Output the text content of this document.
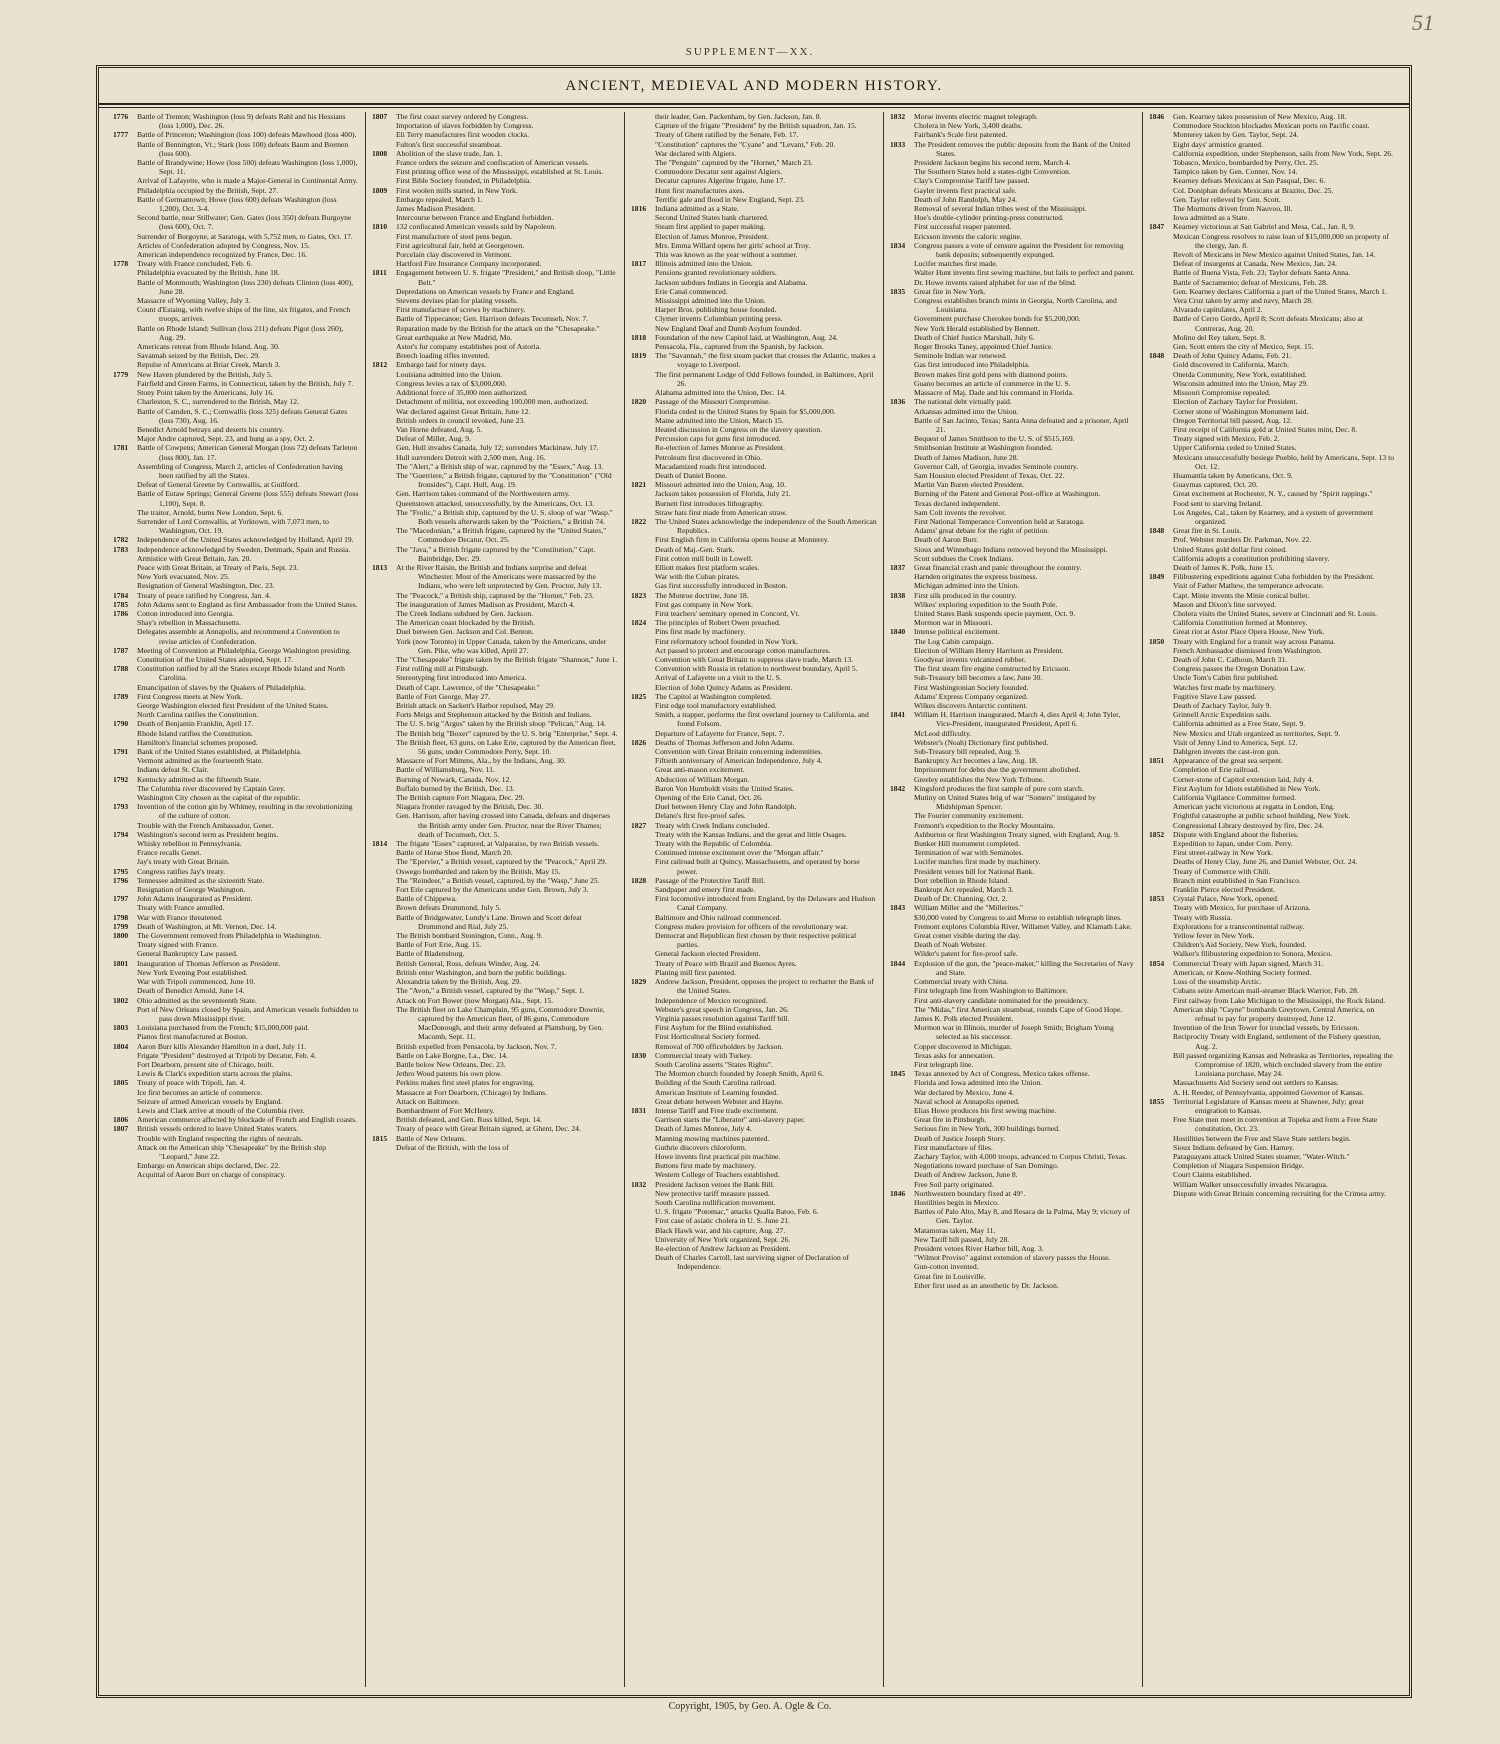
51
SUPPLEMENT—XX.
ANCIENT, MEDIEVAL AND MODERN HISTORY.
1776	Battle of Trenton; Washington (loss 9) defeats Rahl and his Hessians (loss 1,000), Dec. 26.
1777	Battle of Princeton; Washington (loss 100) defeats Mawhood (loss 400).
Battle of Bennington, Vt.; Stark (loss 100) defeats Baum and Bremen (loss 600).
Battle of Brandywine; Howe (loss 500) defeats Washington (loss 1,000), Sept. 11.
Arrival of Lafayette, who is made a Major-General in Continental Army.
Philadelphia occupied by the British, Sept. 27.
Battle of Germantown; Howe (loss 600) defeats Washington (loss 1,200), Oct. 3-4.
Second battle, near Stillwater; Gen. Gates (loss 350) defeats Burgoyne (loss 600), Oct. 7.
Surrender of Burgoyne, at Saratoga, with 5,752 men, to Gates, Oct. 17.
Articles of Confederation adopted by Congress, Nov. 15.
American independence recognized by France, Dec. 16.
1778	Treaty with France concluded, Feb. 6.
Philadelphia evacuated by the British, June 18.
Battle of Monmouth; Washington (loss 230) defeats Clinton (loss 400), June 28.
Massacre of Wyoming Valley, July 3.
Count d'Estaing, with twelve ships of the line, six frigates, and French troops, arrives.
Battle on Rhode Island; Sullivan (loss 211) defeats Pigot (loss 260), Aug. 29.
Americans retreat from Rhode Island, Aug. 30.
Savannah seized by the British, Dec. 29.
Repulse of Americans at Briar Creek, March 3.
1779	New Haven plundered by the British, July 5.
Fairfield and Green Farms, in Connecticut, taken by the British, July 7.
Stony Point taken by the Americans, July 16.
Charleston, S. C., surrendered to the British, May 12.
Battle of Camden, S. C.; Cornwallis (loss 325) defeats General Gates (loss 730), Aug. 16.
Benedict Arnold betrays and deserts his country.
Major Andre captured, Sept. 23, and hung as a spy, Oct. 2.
1781	Battle of Cowpens; American General Morgan (loss 72) defeats Tarleton (loss 800), Jan. 17.
Assembling of Congress, March 2, articles of Confederation having been ratified by all the States.
Defeat of General Greene by Cornwallis, at Guilford.
Battle of Eutaw Springs; General Greene (loss 555) defeats Stewart (loss 1,100), Sept. 8.
The traitor, Arnold, burns New London, Sept. 6.
Surrender of Lord Cornwallis, at Yorktown, with 7,073 men, to Washington, Oct. 19.
1782	Independence of the United States acknowledged by Holland, April 19.
1783	Independence acknowledged by Sweden, Denmark, Spain and Russia.
Armistice with Great Britain, Jan. 20.
Peace with Great Britain, at Treaty of Paris, Sept. 23.
New York evacuated, Nov. 25.
Resignation of General Washington, Dec. 23.
1784	Treaty of peace ratified by Congress, Jan. 4.
1785	John Adams sent to England as first Ambassador from the United States.
1786	Cotton introduced into Georgia.
Shay's rebellion in Massachusetts.
Delegates assemble at Annapolis, and recommend a Convention to revise articles of Confederation.
1787	Meeting of Convention at Philadelphia, George Washington presiding.
Constitution of the United States adopted, Sept. 17.
1788	Constitution ratified by all the States except Rhode Island and North Carolina.
Emancipation of slaves by the Quakers of Philadelphia.
1789	First Congress meets at New York.
George Washington elected first President of the United States.
North Carolina ratifies the Constitution.
1790	Death of Benjamin Franklin, April 17.
Rhode Island ratifies the Constitution.
Hamilton's financial schemes proposed.
1791	Bank of the United States established, at Philadelphia.
Vermont admitted as the fourteenth State.
Indians defeat St. Clair.
1792	Kentucky admitted as the fifteenth State.
The Columbia river discovered by Captain Grey.
Washington City chosen as the capital of the republic.
1793	Invention of the cotton gin by Whitney, resulting in the revolutionizing of the culture of cotton.
Trouble with the French Ambassador, Genet.
1794	Washington's second term as President begins.
Whisky rebellion in Pennsylvania.
France recalls Genet.
Jay's treaty with Great Britain.
1795	Congress ratifies Jay's treaty.
1796	Tennessee admitted as the sixteenth State.
Resignation of George Washington.
1797	John Adams inaugurated as President.
Treaty with France annulled.
1798	War with France threatened.
1799	Death of Washington, at Mt. Vernon, Dec. 14.
1800	The Government removed from Philadelphia to Washington.
Treaty signed with France.
General Bankruptcy Law passed.
1801	Inauguration of Thomas Jefferson as President.
New York Evening Post established.
War with Tripoli commenced, June 10.
Death of Benedict Arnold, June 14.
1802	Ohio admitted as the seventeenth State.
Port of New Orleans closed by Spain, and American vessels forbidden to pass down Mississippi river.
1803	Louisiana purchased from the French; $15,000,000 paid.
Pianos first manufactured at Boston.
1804	Aaron Burr kills Alexander Hamilton in a duel, July 11.
Frigate "President" destroyed at Tripoli by Decatur, Feb. 4.
Fort Dearborn, present site of Chicago, built.
Lewis & Clark's expedition starts across the plains.
1805	Treaty of peace with Tripoli, Jan. 4.
Ice first becomes an article of commerce.
Seizure of armed American vessels by England.
Lewis and Clark arrive at mouth of the Columbia river.
1806	American commerce affected by blockade of French and English coasts.
1807	British vessels ordered to leave United States waters.
Trouble with England respecting the rights of neutrals.
Attack on the American ship "Chesapeake" by the British ship "Leopard," June 22.
Embargo on American ships declared, Dec. 22.
Acquittal of Aaron Burr on charge of conspiracy.
1807	The first coast survey ordered by Congress.
Importation of slaves forbidden by Congress.
Eli Terry manufactures first wooden clocks.
Fulton's first successful steamboat.
1808	Abolition of the slave trade, Jan. 1.
France orders the seizure and confiscation of American vessels.
First printing office west of the Mississippi, established at St. Louis.
First Bible Society founded, in Philadelphia.
1809	First woolen mills started, in New York.
Embargo repealed, March 1.
James Madison President.
Intercourse between France and England forbidden.
1810	132 confiscated American vessels sold by Napoleon.
First manufacture of steel pens begun.
First agricultural fair, held at Georgetown.
Porcelain clay discovered in Vermont.
Hartford Fire Insurance Company incorporated.
1811	Engagement between U. S. frigate "President," and British sloop, "Little Belt."
Depredations on American vessels by France and England.
Stevens devises plan for plating vessels.
First manufacture of screws by machinery.
Battle of Tippecanoe; Gen. Harrison defeats Tecumseh, Nov. 7.
Reparation made by the British for the attack on the "Chesapeake."
Great earthquake at New Madrid, Mo.
Astor's fur company establishes post of Astoria.
Breech loading rifles invented.
1812	Embargo laid for ninety days.
Louisiana admitted into the Union.
Congress levies a tax of $3,000,000.
Additional force of 35,000 men authorized.
Detachment of militia, not exceeding 100,000 men, authorized.
War declared against Great Britain, June 12.
British orders in council revoked, June 23.
Van Horne defeated, Aug. 5.
Defeat of Miller, Aug. 9.
Gen. Hull invades Canada, July 12; surrenders Mackinaw, July 17.
Hull surrenders Detroit with 2,500 men, Aug. 16.
The "Alert," a British ship of war, captured by the "Essex," Aug. 13.
The "Guerriere," a British frigate, captured by the "Constitution" ("Old Ironsides"), Capt. Hull, Aug. 19.
Gen. Harrison takes command of the Northwestern army.
Queenstown attacked, unsuccessfully, by the Americans, Oct. 13.
The "Frolic," a British ship, captured by the U. S. sloop of war "Wasp." Both vessels afterwards taken by the "Poictiers," a British 74.
The "Macedonian," a British frigate, captured by the "United States," Commodore Decatur, Oct. 25.
The "Java," a British frigate captured by the "Constitution," Capt. Bainbridge, Dec. 29.
1813	At the River Raisin, the British and Indians surprise and defeat Winchester. Most of the Americans were massacred by the Indians, who were left unprotected by Gen. Proctor, July 13.
The "Peacock," a British ship, captured by the "Hornet," Feb. 23.
The inauguration of James Madison as President, March 4.
The Creek Indians subdued by Gen. Jackson.
The American coast blockaded by the British.
Duel between Gen. Jackson and Col. Benton.
York (now Toronto) in Upper Canada, taken by the Americans, under Gen. Pike, who was killed, April 27.
The "Chesapeake" frigate taken by the British frigate "Shannon," June 1.
First rolling mill at Pittsburgh.
Stereotyping first introduced into America.
Death of Capt. Lawrence, of the "Chesapeake."
Battle of Fort George, May 27.
British attack on Sackett's Harbor repulsed, May 29.
Forts Meigs and Stephenson attacked by the British and Indians.
The U. S. brig "Argus" taken by the British sloop "Pelican," Aug. 14.
The British brig "Boxer" captured by the U. S. brig "Enterprise," Sept. 4.
The British fleet, 63 guns, on Lake Erie, captured by the American fleet, 56 guns, under Commodore Perry, Sept. 10.
Massacre of Fort Mimms, Ala., by the Indians, Aug. 30.
Battle of Williamsburg, Nov. 11.
Burning of Newark, Canada, Nov. 12.
Buffalo burned by the British, Dec. 13.
The British capture Fort Niagara, Dec. 29.
Niagara frontier ravaged by the British, Dec. 30.
Gen. Harrison, after having crossed into Canada, defeats and disperses the British army under Gen. Proctor, near the River Thames; death of Tecumseh, Oct. 5.
1814	The frigate "Essex" captured, at Valparaiso, by two British vessels.
Battle of Horse Shoe Bend, March 20.
The "Epervier," a British vessel, captured by the "Peacock," April 29.
Oswego bombarded and taken by the British, May 15.
The "Reindeer," a British vessel, captured, by the "Wasp," June 25.
Fort Erie captured by the Americans under Gen. Brown, July 3.
Battle of Chippewa.
Brown defeats Drummond, July 5.
Battle of Bridgewater, Lundy's Lane. Brown and Scott defeat Drummond and Rial, July 25.
The British bombard Stonington, Conn., Aug. 9.
Battle of Fort Erie, Aug. 15.
Battle of Bladensburg.
British General, Ross, defeats Winder, Aug. 24.
British enter Washington, and burn the public buildings.
Alexandria taken by the British, Aug. 29.
The "Avon," a British vessel, captured by the "Wasp," Sept. 1.
Attack on Fort Bower (now Morgan) Ala., Sept. 15.
The British fleet on Lake Champlain, 95 guns, Commodore Downie, captured by the American fleet, of 86 guns, Commodore MacDonough, and their army defeated at Plattsburg, by Gen. Macomb, Sept. 11.
British expelled from Pensacola, by Jackson, Nov. 7.
Battle on Lake Borgne, La., Dec. 14.
Battle below New Orleans, Dec. 23.
Jethro Wood patents his own plow.
Perkins makes first steel plates for engraving.
Massacre at Fort Dearborn, (Chicago) by Indians.
Attack on Baltimore.
Bombardment of Fort McHenry.
British defeated, and Gen. Ross killed, Sept. 14.
Treaty of peace with Great Britain signed, at Ghent, Dec. 24.
1815	Battle of New Orleans.
Defeat of the British, with the loss of
their leader, Gen. Packenham, by Gen. Jackson, Jan. 8.
Capture of the frigate "President" by the British squadron, Jan. 15.
Treaty of Ghent ratified by the Senate, Feb. 17.
"Constitution" captures the "Cyane" and "Levant," Feb. 20.
War declared with Algiers.
The "Penguin" captured by the "Hornet," March 23.
Commodore Decatur sent against Algiers.
Decatur captures Algerine frigate, June 17.
Hunt first manufactures axes.
Terrific gale and flood in New England, Sept. 23.
1816	Indiana admitted as a State.
Second United States bank chartered.
Steam first applied to paper making.
Election of James Monroe, President.
Mrs. Emma Willard opens her girls' school at Troy.
This was known as the year without a summer.
1817	Illinois admitted into the Union.
Pensions granted revolutionary soldiers.
Jackson subdues Indians in Georgia and Alabama.
Erie Canal commenced.
Mississippi admitted into the Union.
Harper Bros. publishing house founded.
Clymer invents Columbian printing press.
New England Deaf and Dumb Asylum founded.
1818	Foundation of the new Capitol laid, at Washington, Aug. 24.
Pensacola, Fla., captured from the Spanish, by Jackson.
1819	The "Savannah," the first steam packet that crosses the Atlantic, makes a voyage to Liverpool.
The first permanent Lodge of Odd Fellows founded, in Baltimore, April 26.
Alabama admitted into the Union, Dec. 14.
1820	Passage of the Missouri Compromise.
Florida ceded to the United States by Spain for $5,000,000.
Maine admitted into the Union, March 15.
Heated discussion in Congress on the slavery question.
Percussion caps for guns first introduced.
Re-election of James Monroe as President.
Petroleum first discovered in Ohio.
Macadamized roads first introduced.
Death of Daniel Boone.
1821	Missouri admitted into the Union, Aug. 10.
Jackson takes possession of Florida, July 21.
Burnett first introduces lithography.
Straw hats first made from American straw.
1822	The United States acknowledge the independence of the South American Republics.
First English firm in California opens house at Monterey.
Death of Maj.-Gen. Stark.
First cotton mill built in Lowell.
Elliott makes first platform scales.
War with the Cuban pirates.
Gas first successfully introduced in Boston.
1823	The Monroe doctrine, June 18.
First gas company in New York.
First teachers' seminary opened in Concord, Vt.
1824	The principles of Robert Owen preached.
Pins first made by machinery.
First reformatory school founded in New York.
Act passed to protect and encourage cotton manufactures.
Convention with Great Britain to suppress slave trade, March 13.
Convention with Russia in relation to northwest boundary, April 5.
Arrival of Lafayette on a visit to the U. S.
Election of John Quincy Adams as President.
1825	The Capitol at Washington completed.
First edge tool manufactory established.
Smith, a trapper, performs the first overland journey to California, and found Folsom.
Departure of Lafayette for France, Sept. 7.
1826	Deaths of Thomas Jefferson and John Adams.
Convention with Great Britain concerning indemnities.
Fiftieth anniversary of American Independence, July 4.
Great anti-mason excitement.
Abduction of William Morgan.
Baron Von Humboldt visits the United States.
Opening of the Erie Canal, Oct. 26.
Duel between Henry Clay and John Randolph.
Delano's first fire-proof safes.
1827	Treaty with Creek Indians concluded.
Treaty with the Kansas Indians, and the great and little Osages.
Treaty with the Republic of Colombia.
Continued intense excitement over the "Morgan affair."
First railroad built at Quincy, Massachusetts, and operated by horse power.
1828	Passage of the Protective Tariff Bill.
Sandpaper and emery first made.
First locomotive introduced from England, by the Delaware and Hudson Canal Company.
Baltimore and Ohio railroad commenced.
Congress makes provision for officers of the revolutionary war.
Democrat and Republican first chosen by their respective political parties.
General Jackson elected President.
Treaty of Peace with Brazil and Buenos Ayres.
Planing mill first patented.
1829	Andrew Jackson, President, opposes the project to recharter the Bank of the United States.
Independence of Mexico recognized.
Webster's great speech in Congress, Jan. 26.
Virginia passes resolution against Tariff bill.
First Asylum for the Blind established.
First Horticultural Society formed.
Removal of 700 officeholders by Jackson.
1830	Commercial treaty with Turkey.
South Carolina asserts "States Rights".
The Mormon church founded by Joseph Smith, April 6.
Building of the South Carolina railroad.
American Institute of Learning founded.
Great debate between Webster and Hayne.
1831	Intense Tariff and Free trade excitement.
Garrison starts the "Liberator" anti-slavery paper.
Death of James Monroe, July 4.
Manning mowing machines patented.
Guthrie discovers chloroform.
Howe invents first practical pin machine.
Buttons first made by machinery.
Western College of Teachers established.
1832	President Jackson vetoes the Bank Bill.
New protective tariff measure passed.
South Carolina nullification movement.
U. S. frigate "Potomac," attacks Qualla Batoo, Feb. 6.
First case of asiatic cholera in U. S. June 21.
Black Hawk war, and his capture, Aug. 27.
University of New York organized, Sept. 26.
Re-election of Andrew Jackson as President.
Death of Charles Carroll, last surviving signer of Declaration of Independence.
1832	Morse invents electric magnet telegraph.
Cholera in New York, 3,400 deaths.
Fairbank's Scale first patented.
1833	The President removes the public deposits from the Bank of the United States.
President Jackson begins his second term, March 4.
The Southern States hold a states-right Convention.
Clay's Compromise Tariff law passed.
Gayler invents first practical safe.
Death of John Randolph, May 24.
Removal of several Indian tribes west of the Mississippi.
Hoe's double-cylinder printing-press constructed.
First successful reaper patented.
Ericsson invents the caloric engine.
1834	Congress passes a vote of censure against the President for removing bank deposits; subsequently expunged.
Lucifer matches first made.
Walter Hunt invents first sewing machine, but fails to perfect and patent.
Dr. Howe invents raised alphabet for use of the blind.
1835	Great fire in New York.
Congress establishes branch mints in Georgia, North Carolina, and Louisiana.
Government purchase Cherokee bonds for $5,200,000.
New York Herald established by Bennett.
Death of Chief Justice Marshall, July 6.
Roger Brooks Taney, appointed Chief Justice.
Seminole Indian war renewed.
Gas first introduced into Philadelphia.
Brown makes first gold pens with diamond points.
Guano becomes an article of commerce in the U. S.
Massacre of Maj. Dade and his command in Florida.
1836	The national debt virtually paid.
Arkansas admitted into the Union.
Battle of San Jacinto, Texas; Santa Anna defeated and a prisoner, April 21.
Bequest of James Smithson to the U. S. of $515,169.
Smithsonian Institute at Washington founded.
Death of James Madison, June 28.
Governor Call, of Georgia, invades Seminole country.
Sam Houston elected President of Texas, Oct. 22.
Martin Van Buren elected President.
Burning of the Patent and General Post-office at Washington.
Texas declared independent.
Sam Colt invents the revolver.
First National Temperance Convention held at Saratoga.
Adams' great debate for the right of petition.
Death of Aaron Burr.
Sioux and Winnebago Indians removed beyond the Mississippi.
Scott subdues the Creek Indians.
1837	Great financial crash and panic throughout the country.
Harnden originates the express business.
Michigan admitted into the Union.
1838	First silk produced in the country.
Wilkes' exploring expedition to the South Pole.
United States Bank suspends specie payment, Oct. 9.
Mormon war in Missouri.
1840	Intense political excitement.
The Log Cabin campaign.
Election of William Henry Harrison as President.
Goodyear invents vulcanized rubber.
The first steam fire engine constructed by Ericsson.
Sub-Treasury bill becomes a law, June 30.
First Washingtonian Society founded.
Adams' Express Company organized.
Wilkes discovers Antarctic continent.
1841	William H. Harrison inaugurated, March 4, dies April 4; John Tyler, Vice-President, inaugurated President, April 6.
McLeod difficulty.
Webster's (Noah) Dictionary first published.
Sub-Treasury bill repealed, Aug. 9.
Bankruptcy Act becomes a law, Aug. 18.
Imprisonment for debts due the government abolished.
Greeley establishes the New York Tribune.
1842	Kingsford produces the first sample of pure corn starch.
Mutiny on United States brig of war "Somers" instigated by Midshipman Spencer.
The Fourier community excitement.
Fremont's expedition to the Rocky Mountains.
Ashburton or first Washington Treaty signed, with England, Aug. 9.
Bunker Hill monument completed.
Termination of war with Seminoles.
Lucifer matches first made by machinery.
President vetoes bill for National Bank.
Dorr rebellion in Rhode Island.
Bankrupt Act repealed, March 3.
Death of Dr. Channing, Oct. 2.
1843	William Miller and the "Millerites."
$30,000 voted by Congress to aid Morse to establish telegraph lines.
Fremont explores Columbia River, Willamet Valley, and Klamath Lake.
Great comet visible during the day.
Death of Noah Webster.
Wilder's patent for fire-proof safe.
1844	Explosion of the gun, the "peace-maker," killing the Secretaries of Navy and State.
Commercial treaty with China.
First telegraph line from Washington to Baltimore.
First anti-slavery candidate nominated for the presidency.
The "Midas," first American steamboat, rounds Cape of Good Hope.
James K. Polk elected President.
Mormon war in Illinois, murder of Joseph Smith; Brigham Young selected as his successor.
Copper discovered in Michigan.
Texas asks for annexation.
First telegraph line.
1845	Texas annexed by Act of Congress, Mexico takes offense.
Florida and Iowa admitted into the Union.
War declared by Mexico, June 4.
Naval school at Annapolis opened.
Elias Howe produces his first sewing machine.
Great fire in Pittsburgh.
Serious fire in New York, 300 buildings burned.
Death of Justice Joseph Story.
First manufacture of files.
Zachary Taylor, with 4,000 troops, advanced to Corpus Christi, Texas.
Negotiations toward purchase of San Domingo.
Death of Andrew Jackson, June 8.
Free Soil party originated.
1846	Northwestern boundary fixed at 49°.
Hostilities begin in Mexico.
Battles of Palo Alto, May 8, and Resaca de la Palma, May 9; victory of Gen. Taylor.
Matamoras taken, May 11.
New Tariff bill passed, July 28.
President vetoes River Harbor bill, Aug. 3.
"Wilmot Proviso" against extension of slavery passes the House.
Gun-cotton invented.
Great fire in Louisville.
Ether first used as an anesthetic by Dr. Jackson.
1846	Gen. Kearney takes possession of New Mexico, Aug. 18.
Commodore Stockton blockades Mexican ports on Pacific coast.
Monterey taken by Gen. Taylor, Sept. 24.
Eight days' armistice granted.
California expedition, under Stephenson, sails from New York, Sept. 26.
Tobasco, Mexico, bombarded by Perry, Oct. 25.
Tampico taken by Gen. Conner, Nov. 14.
Kearney defeats Mexicans at San Pasqual, Dec. 6.
Col. Doniphan defeats Mexicans at Brazito, Dec. 25.
Gen. Taylor relieved by Gen. Scott.
The Mormons driven from Nauvoo, Ill.
Iowa admitted as a State.
1847	Kearney victorious at San Gabriel and Mesa, Cal., Jan. 8, 9.
Mexican Congress resolves to raise loan of $15,000,000 on property of the clergy, Jan. 8.
Revolt of Mexicans in New Mexico against United States, Jan. 14.
Defeat of insurgents at Canada, New Mexico, Jan. 24.
Battle of Buena Vista, Feb. 23; Taylor defeats Santa Anna.
Battle of Sacramento; defeat of Mexicans, Feb. 28.
Gen. Kearney declares California a part of the United States, March 1.
Vera Cruz taken by army and navy, March 28.
Alvarado capitulates, April 2.
Battle of Cerro Gordo, April 8; Scott defeats Mexicans; also at Contreras, Aug. 20.
Molino del Rey taken, Sept. 8.
Gen. Scott enters the city of Mexico, Sept. 15.
1848	Death of John Quincy Adams, Feb. 21.
Gold discovered in California, March.
Oneida Community, New York, established.
Wisconsin admitted into the Union, May 29.
Missouri Compromise repealed.
Election of Zachary Taylor for President.
Corner stone of Washington Monument laid.
Oregon Territorial bill passed, Aug. 12.
First receipt of California gold at United States mint, Dec. 8.
Treaty signed with Mexico, Feb. 2.
Upper California ceded to United States.
Mexicans unsuccessfully besiege Pueblo, held by Americans, Sept. 13 to Oct. 12.
Huamantla taken by Americans, Oct. 9.
Guaymas captured, Oct. 20.
Great excitement at Rochester, N. Y., caused by "Spirit rappings."
Food sent to starving Ireland.
Los Angeles, Cal., taken by Kearney, and a system of government organized.
1848	Great fire in St. Louis.
Prof. Webster murders Dr. Parkman, Nov. 22.
United States gold dollar first coined.
California adopts a constitution prohibiting slavery.
Death of James K. Polk, June 15.
1849	Filibustering expeditions against Cuba forbidden by the President.
Visit of Father Mathew, the temperance advocate.
Capt. Minie invents the Minie conical bullet.
Mason and Dixon's line surveyed.
Cholera visits the United States, severe at Cincinnati and St. Louis.
California Constitution formed at Monterey.
Great riot at Astor Place Opera House, New York.
1850	Treaty with England for a transit way across Panama.
French Ambassador dismissed from Washington.
Death of John C. Calhoun, March 31.
Congress passes the Oregon Donation Law.
Uncle Tom's Cabin first published.
Watches first made by machinery.
Fugitive Slave Law passed.
Death of Zachary Taylor, July 9.
Grinnell Arctic Expedition sails.
California admitted as a Free State, Sept. 9.
New Mexico and Utah organized as territories, Sept. 9.
Visit of Jenny Lind to America, Sept. 12.
Dahlgren invents the cast-iron gun.
1851	Appearance of the great sea serpent.
Completion of Erie railroad.
Corner-stone of Capitol extension laid, July 4.
First Asylum for Idiots established in New York.
California Vigilance Committee formed.
American yacht victorious at regatta in London, Eng.
Frightful catastrophe at public school building, New York.
Congressional Library destroyed by fire, Dec. 24.
1852	Dispute with England about the fisheries.
Expedition to Japan, under Com. Perry.
First street-railway in New York.
Deaths of Henry Clay, June 26, and Daniel Webster, Oct. 24.
Treaty of Commerce with Chili.
Branch mint established in San Francisco.
Franklin Pierce elected President.
1853	Crystal Palace, New York, opened.
Treaty with Mexico, for purchase of Arizona.
Treaty with Russia.
Explorations for a transcontinental railway.
Yellow fever in New York.
Children's Aid Society, New York, founded.
Walker's filibustering expedition to Sonora, Mexico.
1854	Commercial Treaty with Japan signed, March 31.
American, or Know-Nothing Society formed.
Loss of the steamship Arctic.
Cubans seize American mail-steamer Black Warrior, Feb. 28.
First railway from Lake Michigan to the Mississippi, the Rock Island.
American ship "Cayne" bombards Greytown, Central America, on refusal to pay for property destroyed, June 12.
Invention of the Iron Tower for ironclad vessels, by Ericsson.
Reciprocity Treaty with England, settlement of the Fishery question, Aug. 2.
Bill passed organizing Kansas and Nebraska as Territories, repealing the Compromise of 1820, which excluded slavery from the entire Louisiana purchase, May 24.
Massachusetts Aid Society send out settlers to Kansas.
A. H. Reeder, of Pennsylvania, appointed Governor of Kansas.
1855	Territorial Legislature of Kansas meets at Shawnee, July; great emigration to Kansas.
Free State men meet in convention at Topeka and form a Free State constitution, Oct. 23.
Hostilities between the Free and Slave State settlers begin.
Sioux Indians defeated by Gen. Harney.
Paraguayans attack United States steamer, "Water-Witch."
Completion of Niagara Suspension Bridge.
Court Claims established.
William Walker unsuccessfully invades Nicaragua.
Dispute with Great Britain concerning recruiting for the Crimea army.
Copyright, 1905, by Geo. A. Ogle & Co.
